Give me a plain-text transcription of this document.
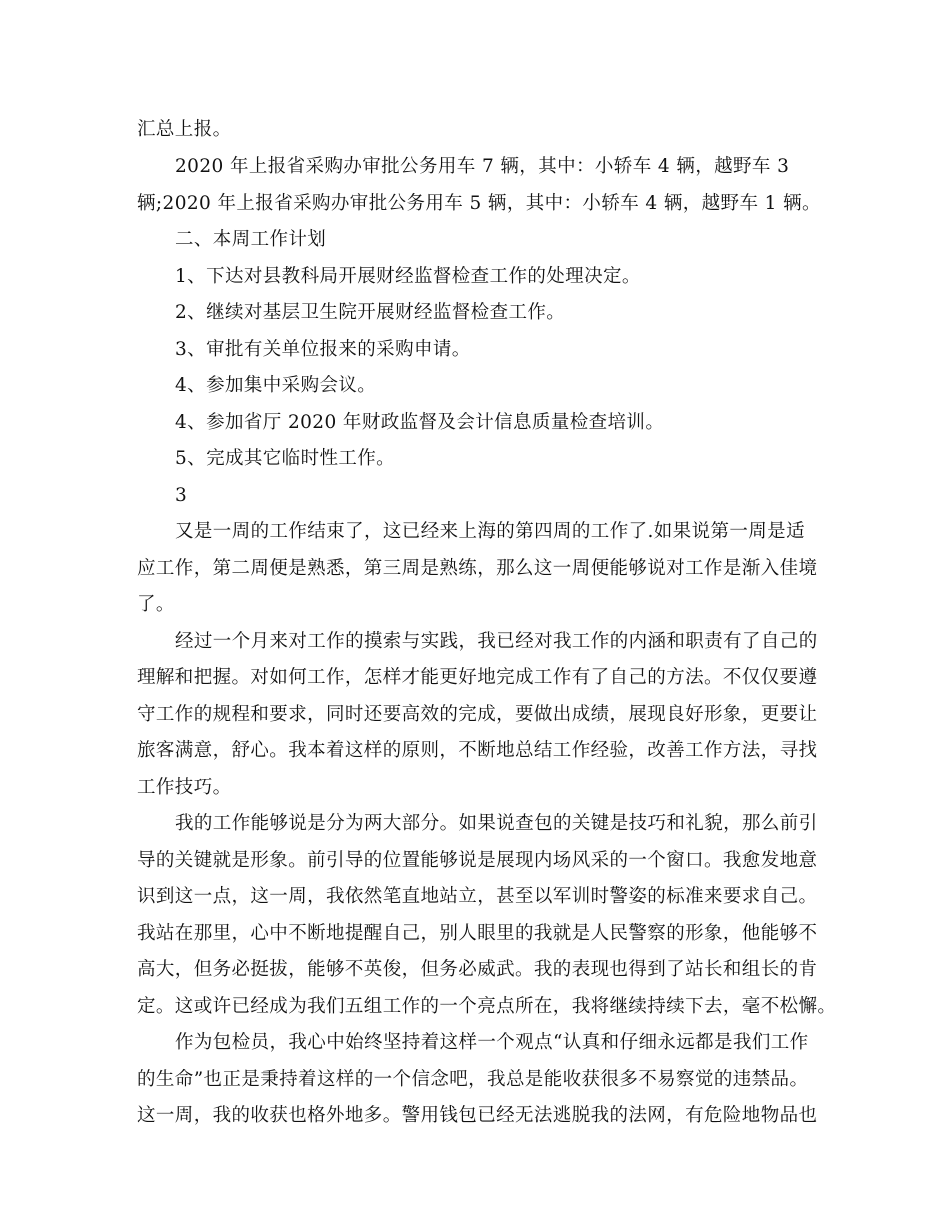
汇总上报。
2020 年上报省采购办审批公务用车 7 辆，其中：小轿车 4 辆，越野车 3
辆;2020 年上报省采购办审批公务用车 5 辆，其中：小轿车 4 辆，越野车 1 辆。
二、本周工作计划
1、下达对县教科局开展财经监督检查工作的处理决定。
2、继续对基层卫生院开展财经监督检查工作。
3、审批有关单位报来的采购申请。
4、参加集中采购会议。
4、参加省厅 2020 年财政监督及会计信息质量检查培训。
5、完成其它临时性工作。
3
又是一周的工作结束了，这已经来上海的第四周的工作了.如果说第一周是适
应工作，第二周便是熟悉，第三周是熟练，那么这一周便能够说对工作是渐入佳境
了。
经过一个月来对工作的摸索与实践，我已经对我工作的内涵和职责有了自己的
理解和把握。对如何工作，怎样才能更好地完成工作有了自己的方法。不仅仅要遵
守工作的规程和要求，同时还要高效的完成，要做出成绩，展现良好形象，更要让
旅客满意，舒心。我本着这样的原则，不断地总结工作经验，改善工作方法，寻找
工作技巧。
我的工作能够说是分为两大部分。如果说查包的关键是技巧和礼貌，那么前引
导的关键就是形象。前引导的位置能够说是展现内场风采的一个窗口。我愈发地意
识到这一点，这一周，我依然笔直地站立，甚至以军训时警姿的标准来要求自己。
我站在那里，心中不断地提醒自己，别人眼里的我就是人民警察的形象，他能够不
高大，但务必挺拔，能够不英俊，但务必威武。我的表现也得到了站长和组长的肯
定。这或许已经成为我们五组工作的一个亮点所在，我将继续持续下去，毫不松懈。
作为包检员，我心中始终坚持着这样一个观点“认真和仔细永远都是我们工作
的生命”也正是秉持着这样的一个信念吧，我总是能收获很多不易察觉的违禁品。
这一周，我的收获也格外地多。警用钱包已经无法逃脱我的法网，有危险地物品也
